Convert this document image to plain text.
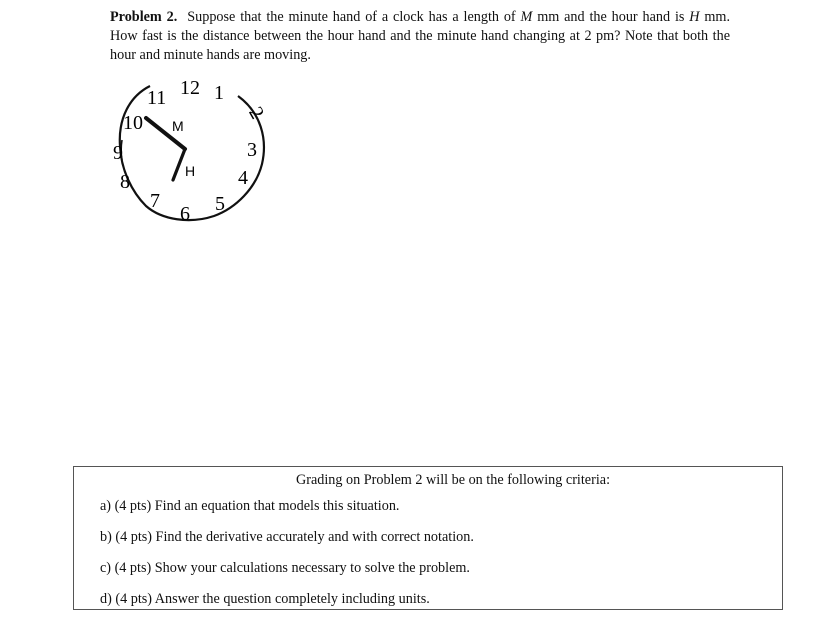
Problem 2. Suppose that the minute hand of a clock has a length of M mm and the hour hand is H mm. How fast is the distance between the hour hand and the minute hand changing at 2 pm? Note that both the hour and minute hands are moving.
12 1
2
3
4
5
6
7
8
9
10
11
M
H
Grading on Problem 2 will be on the following criteria:
a) (4 pts) Find an equation that models this situation.
b) (4 pts) Find the derivative accurately and with correct notation.
c) (4 pts) Show your calculations necessary to solve the problem.
d) (4 pts) Answer the question completely including units.
